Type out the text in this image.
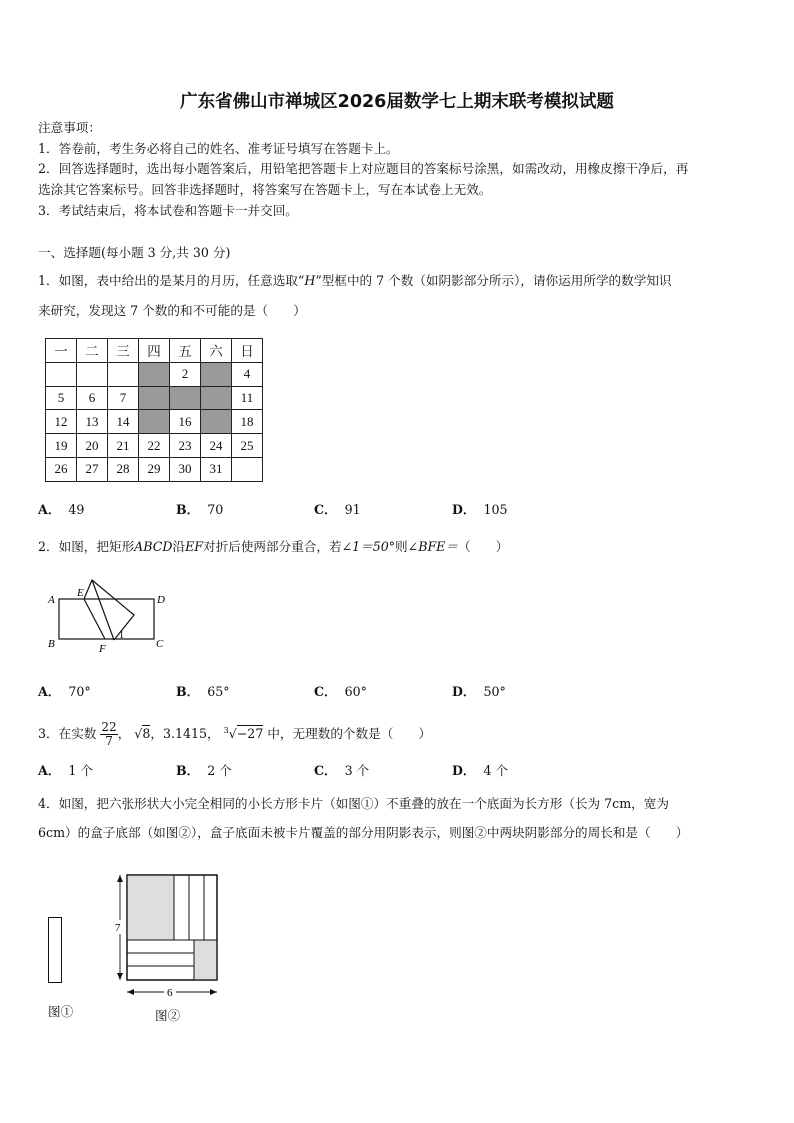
广东省佛山市禅城区2026届数学七上期末联考模拟试题
注意事项：
1．答卷前，考生务必将自己的姓名、准考证号填写在答题卡上。
2．回答选择题时，选出每小题答案后，用铅笔把答题卡上对应题目的答案标号涂黑，如需改动，用橡皮擦干净后，再
选涂其它答案标号。回答非选择题时，将答案写在答题卡上，写在本试卷上无效。
3．考试结束后，将本试卷和答题卡一并交回。
一、选择题(每小题 3 分,共 30 分)
1．如图，表中给出的是某月的月历，任意选取“H”型框中的 7 个数（如阴影部分所示），请你运用所学的数学知识
来研究，发现这 7 个数的和不可能的是（　　）
一	二	三	四	五	六	日
				2		4
5	6	7				11
12	13	14		16		18
19	20	21	22	23	24	25
26	27	28	29	30	31	
A． 49	B． 70	C． 91	D． 105
2．如图，把矩形ABCD沿EF对折后使两部分重合，若∠1＝50°则∠BFE＝（　　）
A
E
D
B	F	C
1
A． 70°	B． 65°	C． 60°	D． 50°
3．在实数 $\frac{22}{7}$ ， √8，3.1415， $^3$√−27 中，无理数的个数是（　　）
A． 1 个	B． 2 个	C． 3 个	D． 4 个
4．如图，把六张形状大小完全相同的小长方形卡片（如图①）不重叠的放在一个底面为长方形（长为 7cm，宽为
6cm）的盒子底部（如图②），盒子底面未被卡片覆盖的部分用阴影表示，则图②中两块阴影部分的周长和是（　　）
图①
7
6
图②
